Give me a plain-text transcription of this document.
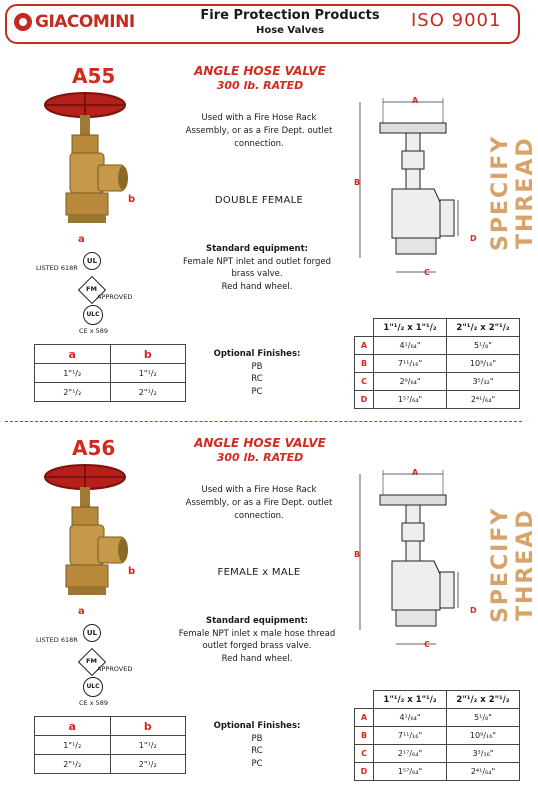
GIACOMINI	Fire Protection Products
Hose Valves	ISO 9001
A55
b
a
LISTED 618R
UL
FM
APPROVED
ULC
CE x 589
a	b
1"¹/₂	1"¹/₂
2"¹/₂	2"¹/₂
ANGLE HOSE VALVE
300 lb. RATED
Used with a Fire Hose Rack Assembly, or as a Fire Dept. outlet connection.
DOUBLE FEMALE
Standard equipment:
Female NPT inlet and outlet forged
brass valve.
Red hand wheel.
Optional Finishes:
PB
RC
PC
A
B
D
C
SPECIFY THREAD
	1"¹/₂ x 1"¹/₂	2"¹/₂ x 2"¹/₂
A	4¹/₆₄"	5¹/₈"
B	7¹¹/₁₆"	10⁹/₁₆"
C	2⁹/₆₄"	3⁵/₃₂"
D	1⁵⁷/₆₄"	2⁴¹/₆₄"
A56
b
a
LISTED 618R
UL
FM
APPROVED
ULC
CE x 589
a	b
1"¹/₂	1"¹/₂
2"¹/₂	2"¹/₂
ANGLE HOSE VALVE
300 lb. RATED
Used with a Fire Hose Rack Assembly, or as a Fire Dept. outlet connection.
FEMALE x MALE
Standard equipment:
Female NPT inlet x male hose thread
outlet forged brass valve.
Red hand wheel.
Optional Finishes:
PB
RC
PC
A
B
D
C
SPECIFY THREAD
	1"¹/₂ x 1"¹/₂	2"¹/₂ x 2"¹/₂
A	4¹/₆₄"	5¹/₈"
B	7¹¹/₁₆"	10⁹/₁₆"
C	2¹⁷/₆₄"	3³/₁₆"
D	1⁵⁷/₆₄"	2⁴¹/₆₄"
